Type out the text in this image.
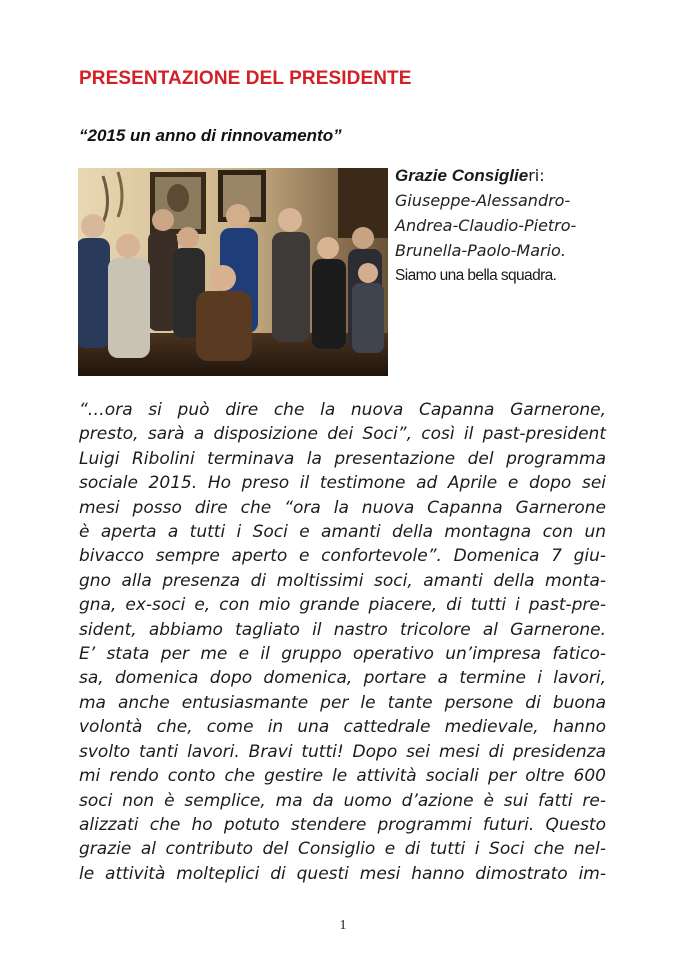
PRESENTAZIONE DEL PRESIDENTE
“2015 un anno di rinnovamento”
Grazie Consiglieri:
Giuseppe-Alessandro-
Andrea-Claudio-Pietro-
Brunella-Paolo-Mario.
Siamo una bella squadra.
“…ora si può dire che la nuova Capanna Garnerone,
presto, sarà a disposizione dei Soci”, così il past-president
Luigi Ribolini terminava la presentazione del programma
sociale 2015. Ho preso il testimone ad Aprile e dopo sei
mesi posso dire che “ora la nuova Capanna Garnerone
è aperta a tutti i Soci e amanti della montagna con un
bivacco sempre aperto e confortevole”. Domenica 7 giu-
gno alla presenza di moltissimi soci, amanti della monta-
gna, ex-soci e, con mio grande piacere, di tutti i past-pre-
sident, abbiamo tagliato il nastro tricolore al Garnerone.
E’ stata per me e il gruppo operativo un’impresa fatico-
sa, domenica dopo domenica, portare a termine i lavori,
ma anche entusiasmante per le tante persone di buona
volontà che, come in una cattedrale medievale, hanno
svolto tanti lavori. Bravi tutti! Dopo sei mesi di presidenza
mi rendo conto che gestire le attività sociali per oltre 600
soci non è semplice, ma da uomo d’azione è sui fatti re-
alizzati che ho potuto stendere programmi futuri. Questo
grazie al contributo del Consiglio e di tutti i Soci che nel-
le attività molteplici di questi mesi hanno dimostrato im-
1
